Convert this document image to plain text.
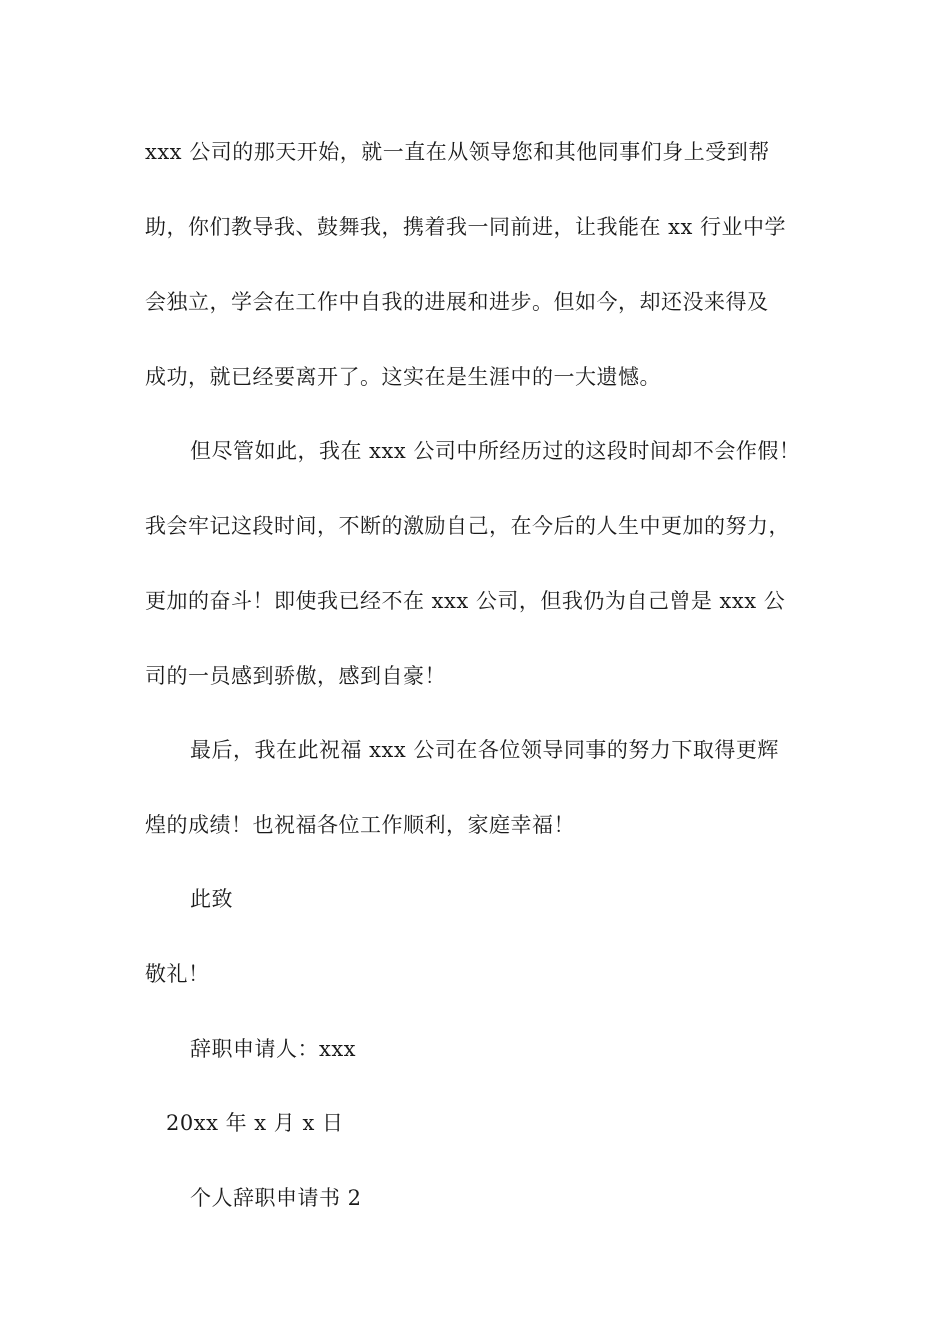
xxx 公司的那天开始，就一直在从领导您和其他同事们身上受到帮
助，你们教导我、鼓舞我，携着我一同前进，让我能在 xx 行业中学
会独立，学会在工作中自我的进展和进步。但如今，却还没来得及
成功，就已经要离开了。这实在是生涯中的一大遗憾。
但尽管如此，我在 xxx 公司中所经历过的这段时间却不会作假！
我会牢记这段时间，不断的激励自己，在今后的人生中更加的努力，
更加的奋斗！即使我已经不在 xxx 公司，但我仍为自己曾是 xxx 公
司的一员感到骄傲，感到自豪！
最后，我在此祝福 xxx 公司在各位领导同事的努力下取得更辉
煌的成绩！也祝福各位工作顺利，家庭幸福！
此致
敬礼！
辞职申请人：xxx
20xx 年 x 月 x 日
个人辞职申请书 2
